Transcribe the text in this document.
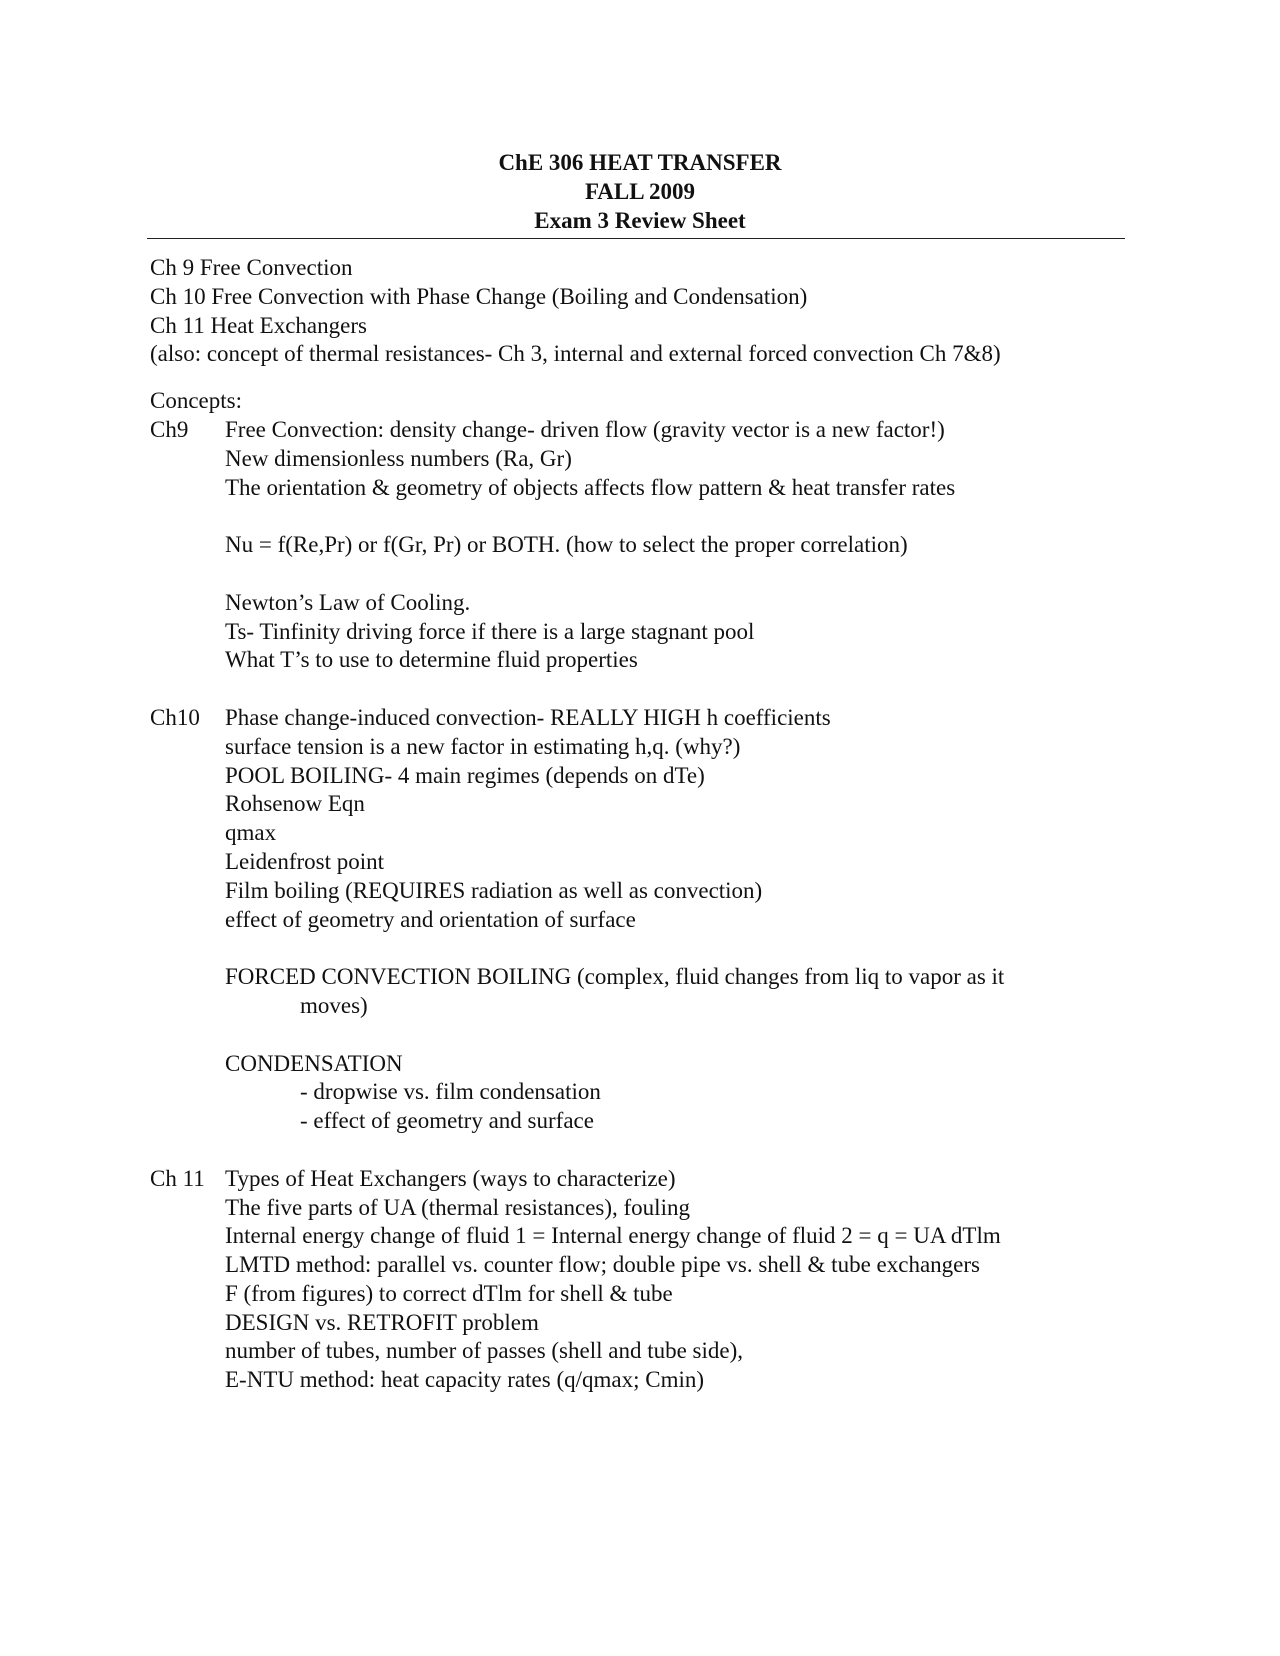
ChE 306 HEAT TRANSFER
FALL 2009
Exam 3 Review Sheet
Ch 9 Free Convection
Ch 10 Free Convection with Phase Change (Boiling and Condensation)
Ch 11 Heat Exchangers
(also: concept of thermal resistances- Ch 3, internal and external forced convection Ch 7&8)
Concepts:
Ch9 Free Convection: density change- driven flow (gravity vector is a new factor!)
New dimensionless numbers (Ra, Gr)
The orientation & geometry of objects affects flow pattern & heat transfer rates
Nu = f(Re,Pr) or f(Gr, Pr) or BOTH. (how to select the proper correlation)
Newton’s Law of Cooling.
Ts- Tinfinity driving force if there is a large stagnant pool
What T’s to use to determine fluid properties
Ch10 Phase change-induced convection- REALLY HIGH h coefficients
surface tension is a new factor in estimating h,q. (why?)
POOL BOILING- 4 main regimes (depends on dTe)
Rohsenow Eqn
qmax
Leidenfrost point
Film boiling (REQUIRES radiation as well as convection)
effect of geometry and orientation of surface
FORCED CONVECTION BOILING (complex, fluid changes from liq to vapor as it
moves)
CONDENSATION
- dropwise vs. film condensation
- effect of geometry and surface
Ch 11 Types of Heat Exchangers (ways to characterize)
The five parts of UA (thermal resistances), fouling
Internal energy change of fluid 1 = Internal energy change of fluid 2 = q = UA dTlm
LMTD method: parallel vs. counter flow; double pipe vs. shell & tube exchangers
F (from figures) to correct dTlm for shell & tube
DESIGN vs. RETROFIT problem
number of tubes, number of passes (shell and tube side),
E-NTU method: heat capacity rates (q/qmax; Cmin)
